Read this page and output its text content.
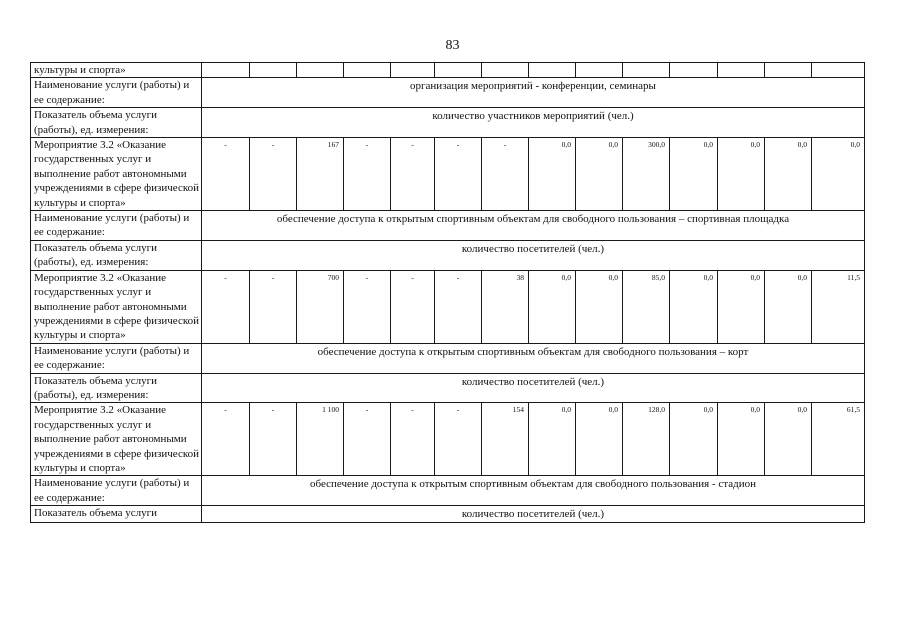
83
культуры и спорта»														
Наименование услуги (работы) и ее содержание:	организация мероприятий - конференции, семинары													
Показатель объема услуги (работы), ед. измерения:	количество участников мероприятий (чел.)													
Мероприятие 3.2 «Оказание государственных услуг и выполнение работ автономными учреждениями в сфере физической культуры и спорта»	-	-	167	-	-	-	-	0,0	0,0	300,0	0,0	0,0	0,0	0,0
Наименование услуги (работы) и ее содержание:	обеспечение доступа к открытым спортивным объектам для свободного пользования – спортивная площадка													
Показатель объема услуги (работы), ед. измерения:	количество посетителей (чел.)													
Мероприятие 3.2 «Оказание государственных услуг и выполнение работ автономными учреждениями в сфере физической культуры и спорта»	-	-	700	-	-	-	38	0,0	0,0	85,0	0,0	0,0	0,0	11,5
Наименование услуги (работы) и ее содержание:	обеспечение доступа к открытым спортивным объектам для свободного пользования – корт													
Показатель объема услуги (работы), ед. измерения:	количество посетителей (чел.)													
Мероприятие 3.2 «Оказание государственных услуг и выполнение работ автономными учреждениями в сфере физической культуры и спорта»	-	-	1 100	-	-	-	154	0,0	0,0	128,0	0,0	0,0	0,0	61,5
Наименование услуги (работы) и ее содержание:	обеспечение доступа к открытым спортивным объектам для свободного пользования - стадион													
Показатель объема услуги	количество посетителей (чел.)													
